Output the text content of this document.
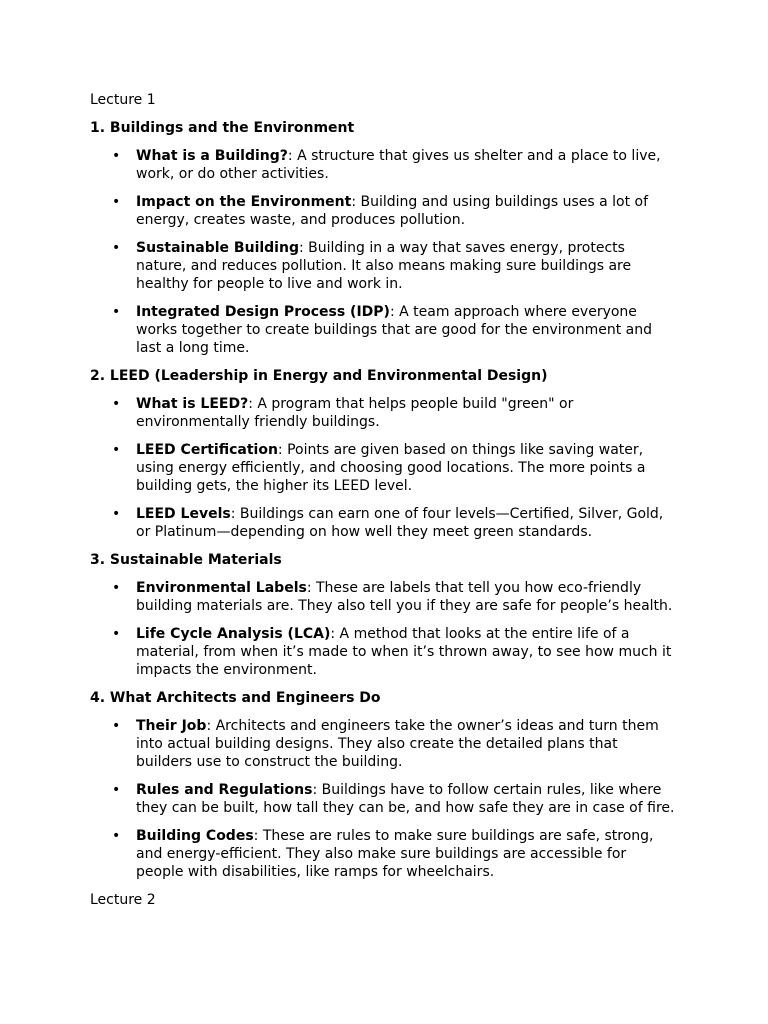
Lecture 1

1. Buildings and the Environment

• What is a Building?: A structure that gives us shelter and a place to live, work, or do other activities.
• Impact on the Environment: Building and using buildings uses a lot of energy, creates waste, and produces pollution.
• Sustainable Building: Building in a way that saves energy, protects nature, and reduces pollution. It also means making sure buildings are healthy for people to live and work in.
• Integrated Design Process (IDP): A team approach where everyone works together to create buildings that are good for the environment and last a long time.

2. LEED (Leadership in Energy and Environmental Design)

• What is LEED?: A program that helps people build "green" or environmentally friendly buildings.
• LEED Certification: Points are given based on things like saving water, using energy efficiently, and choosing good locations. The more points a building gets, the higher its LEED level.
• LEED Levels: Buildings can earn one of four levels—Certified, Silver, Gold, or Platinum—depending on how well they meet green standards.

3. Sustainable Materials

• Environmental Labels: These are labels that tell you how eco-friendly building materials are. They also tell you if they are safe for people’s health.
• Life Cycle Analysis (LCA): A method that looks at the entire life of a material, from when it’s made to when it’s thrown away, to see how much it impacts the environment.

4. What Architects and Engineers Do

• Their Job: Architects and engineers take the owner’s ideas and turn them into actual building designs. They also create the detailed plans that builders use to construct the building.
• Rules and Regulations: Buildings have to follow certain rules, like where they can be built, how tall they can be, and how safe they are in case of fire.
• Building Codes: These are rules to make sure buildings are safe, strong, and energy-efficient. They also make sure buildings are accessible for people with disabilities, like ramps for wheelchairs.

Lecture 2
